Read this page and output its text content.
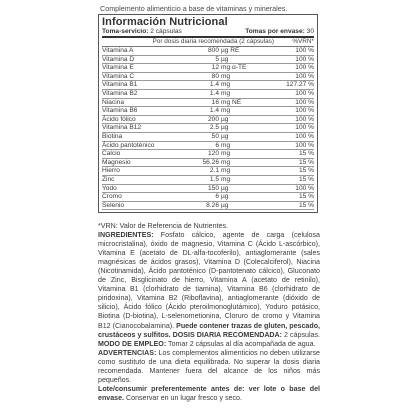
Complemento alimenticio a base de vitaminas y minerales.
Información Nutricional
Toma-servicio: 2 cápsulas	Tomas por envase: 30
Por dosis diaria recomendada (2 cápsulas)	%VRN*
Vitamina A	800	µg RE	100 %
Vitamina D	5	µg	100 %
Vitamina E	12	mg α-TE	100 %
Vitamina C	80	mg	100 %
Vitamina B1	1.4	mg	127.27 %
Vitamina B2	1.4	mg	100 %
Niacina	16	mg NE	100 %
Vitamina B6	1.4	mg	100 %
Ácido fólico	200	µg	100 %
Vitamina B12	2.5	µg	100 %
Biotina	50	µg	100 %
Ácido pantoténico	6	mg	100 %
Calcio	120	mg	15 %
Magnesio	56.26	mg	15 %
Hierro	2.1	mg	15 %
Zinc	1.5	mg	15 %
Yodo	150	µg	100 %
Cromo	6	µg	15 %
Selenio	8.26	µg	15 %

*VRN: Valor de Referencia de Nutrientes.

INGREDIENTES: Fosfato cálcico, agente de carga (celulosa microcristalina), óxido de magnesio, Vitamina C (Ácido L-ascórbico), Vitamina E (acetato de DL-alfa-tocoferilo), antiaglomerante (sales magnésicas de ácidos grasos), Vitamina D (Colecalciferol), Niacina (Nicotinamida), Ácido pantoténico (D-pantotenato cálcico), Gluconato de Zinc, Bisglicinato de hierro, Vitamina A (acetato de retinilo), Vitamina B1 (clorhidrato de tiamina), Vitamina B6 (clorhidrato de piridoxina), Vitamina B2 (Riboflavina), antiaglomerante (dióxido de silicio), Ácido fólico (Ácido pteroilmonoglutámico), Yoduro potásico, Biotina (D-biotina), L-selenometionina, Cloruro de cromo y Vitamina B12 (Cianocobalamina). Puede contener trazas de gluten, pescado, crustáceos y sulfitos. DOSIS DIARIA RECOMENDADA: 2 cápsulas. MODO DE EMPLEO: Tomar 2 cápsulas al día acompañada de agua.

ADVERTENCIAS: Los complementos alimenticios no deben utilizarse como sustituto de una dieta equilibrada. No superar la dosis diaria recomendada. Mantener fuera del alcance de los niños más pequeños.

Lote/consumir preferentemente antes de: ver lote o base del envase. Conservar en un lugar fresco y seco.
